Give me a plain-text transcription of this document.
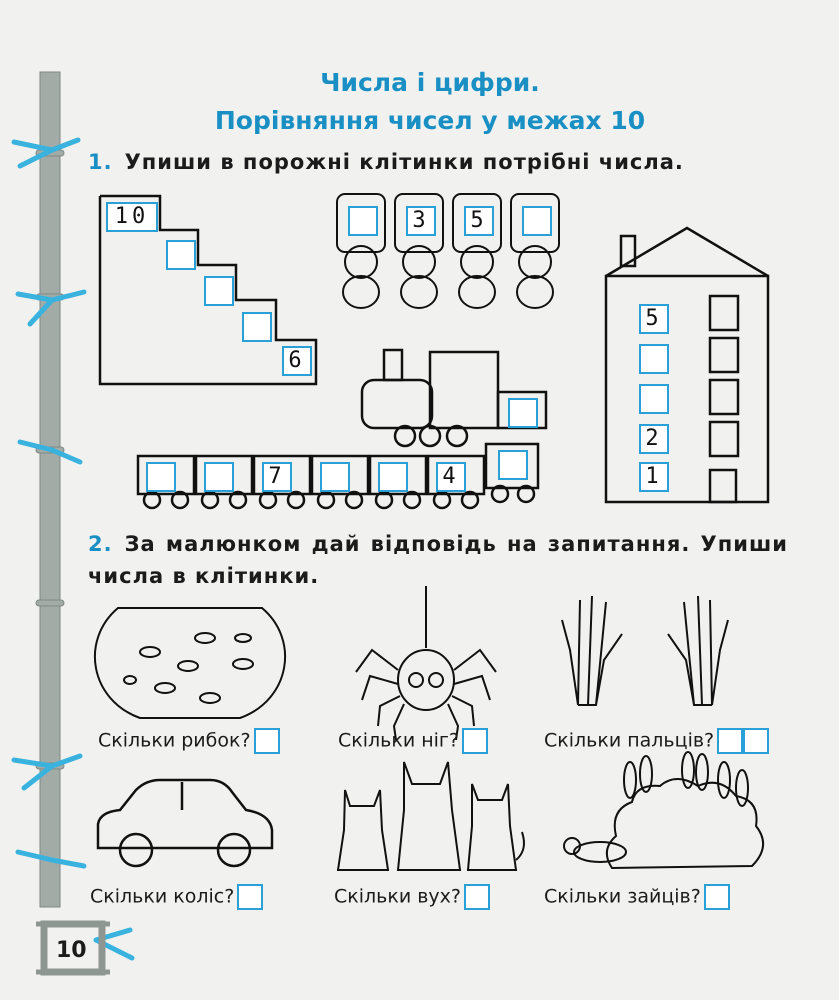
Числа і цифри.
Порівняння чисел у межах 10
1. Упиши в порожні клітинки потрібні числа.
10
6
3 5
5
2
1
7	4
2. За малюнком дай відповідь на запитання. Упиши числа в клітинки.
Скільки рибок?	Скільки ніг?	Скільки пальців?
Скільки коліс?	Скільки вух?	Скільки зайців?
10
